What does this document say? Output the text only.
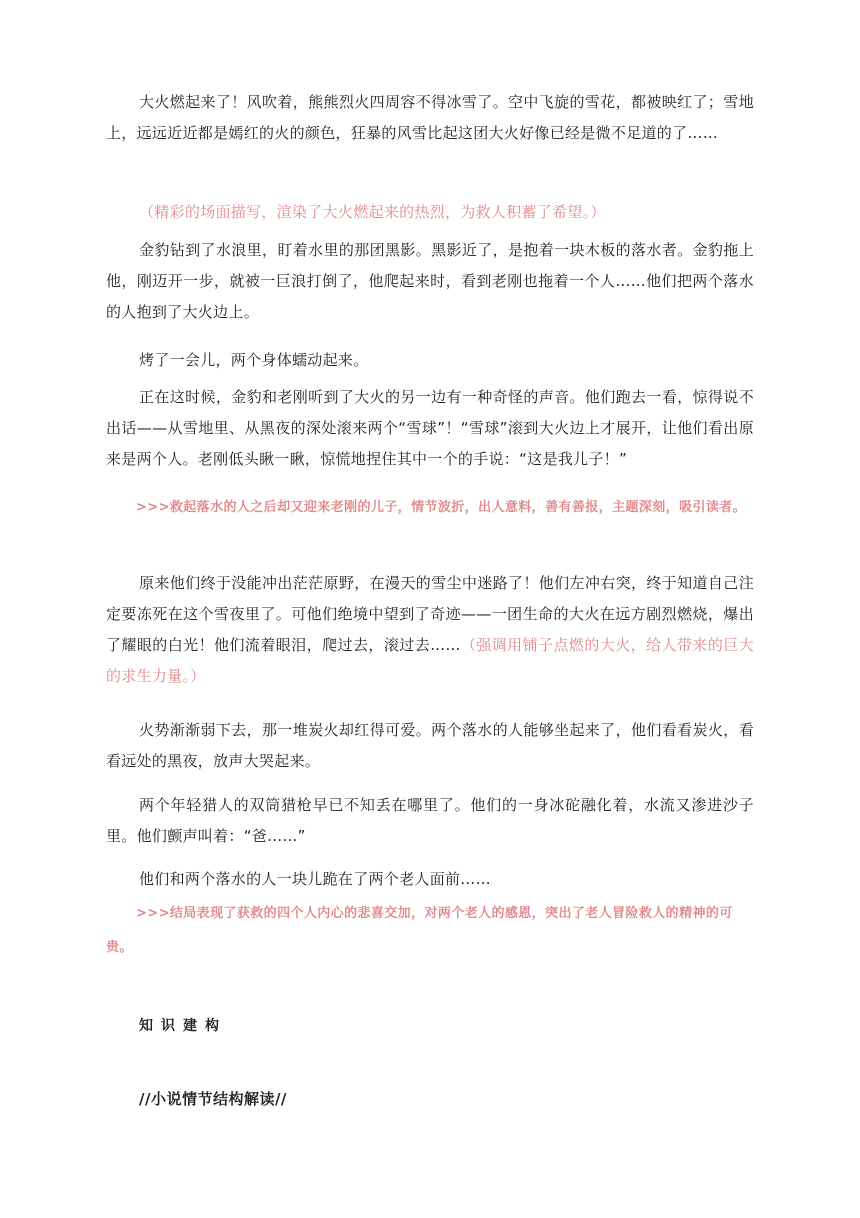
大火燃起来了！风吹着，熊熊烈火四周容不得冰雪了。空中飞旋的雪花，都被映红了；雪地上，远远近近都是嫣红的火的颜色，狂暴的风雪比起这团大火好像已经是微不足道的了……

（精彩的场面描写，渲染了大火燃起来的热烈，为救人积蓄了希望。）

金豹钻到了水浪里，盯着水里的那团黑影。黑影近了，是抱着一块木板的落水者。金豹拖上他，刚迈开一步，就被一巨浪打倒了，他爬起来时，看到老刚也拖着一个人……他们把两个落水的人抱到了大火边上。

烤了一会儿，两个身体蠕动起来。

正在这时候，金豹和老刚听到了大火的另一边有一种奇怪的声音。他们跑去一看，惊得说不出话——从雪地里、从黑夜的深处滚来两个“雪球”！“雪球”滚到大火边上才展开，让他们看出原来是两个人。老刚低头瞅一瞅，惊慌地捏住其中一个的手说：“这是我儿子！”

>>>救起落水的人之后却又迎来老刚的儿子，情节波折，出人意料，善有善报，主题深刻，吸引读者。

原来他们终于没能冲出茫茫原野，在漫天的雪尘中迷路了！他们左冲右突，终于知道自己注定要冻死在这个雪夜里了。可他们绝境中望到了奇迹——一团生命的大火在远方剧烈燃烧，爆出了耀眼的白光！他们流着眼泪，爬过去，滚过去……（强调用铺子点燃的大火，给人带来的巨大的求生力量。）

火势渐渐弱下去，那一堆炭火却红得可爱。两个落水的人能够坐起来了，他们看看炭火，看看远处的黑夜，放声大哭起来。

两个年轻猎人的双筒猎枪早已不知丢在哪里了。他们的一身冰砣融化着，水流又渗进沙子里。他们颤声叫着：“爸……”

他们和两个落水的人一块儿跪在了两个老人面前……

>>>结局表现了获救的四个人内心的悲喜交加，对两个老人的感恩，突出了老人冒险救人的精神的可贵。

知识建构
//小说情节结构解读//
